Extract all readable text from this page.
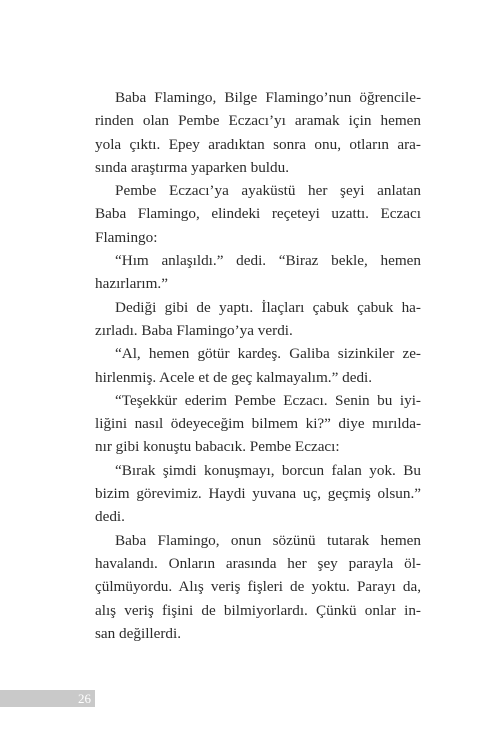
Baba Flamingo, Bilge Flamingo’nun öğrencile-
rinden olan Pembe Eczacı’yı aramak için hemen
yola çıktı. Epey aradıktan sonra onu, otların ara-
sında araştırma yaparken buldu.
Pembe Eczacı’ya ayaküstü her şeyi anlatan
Baba Flamingo, elindeki reçeteyi uzattı. Eczacı
Flamingo:
“Hım anlaşıldı.” dedi. “Biraz bekle, hemen
hazırlarım.”
Dediği gibi de yaptı. İlaçları çabuk çabuk ha-
zırladı. Baba Flamingo’ya verdi.
“Al, hemen götür kardeş. Galiba sizinkiler ze-
hirlenmiş. Acele et de geç kalmayalım.” dedi.
“Teşekkür ederim Pembe Eczacı. Senin bu iyi-
liğini nasıl ödeyeceğim bilmem ki?” diye mırılda-
nır gibi konuştu babacık. Pembe Eczacı:
“Bırak şimdi konuşmayı, borcun falan yok. Bu
bizim görevimiz. Haydi yuvana uç, geçmiş olsun.”
dedi.
Baba Flamingo, onun sözünü tutarak hemen
havalandı. Onların arasında her şey parayla öl-
çülmüyordu. Alış veriş fişleri de yoktu. Parayı da,
alış veriş fişini de bilmiyorlardı. Çünkü onlar in-
san değillerdi.
26
